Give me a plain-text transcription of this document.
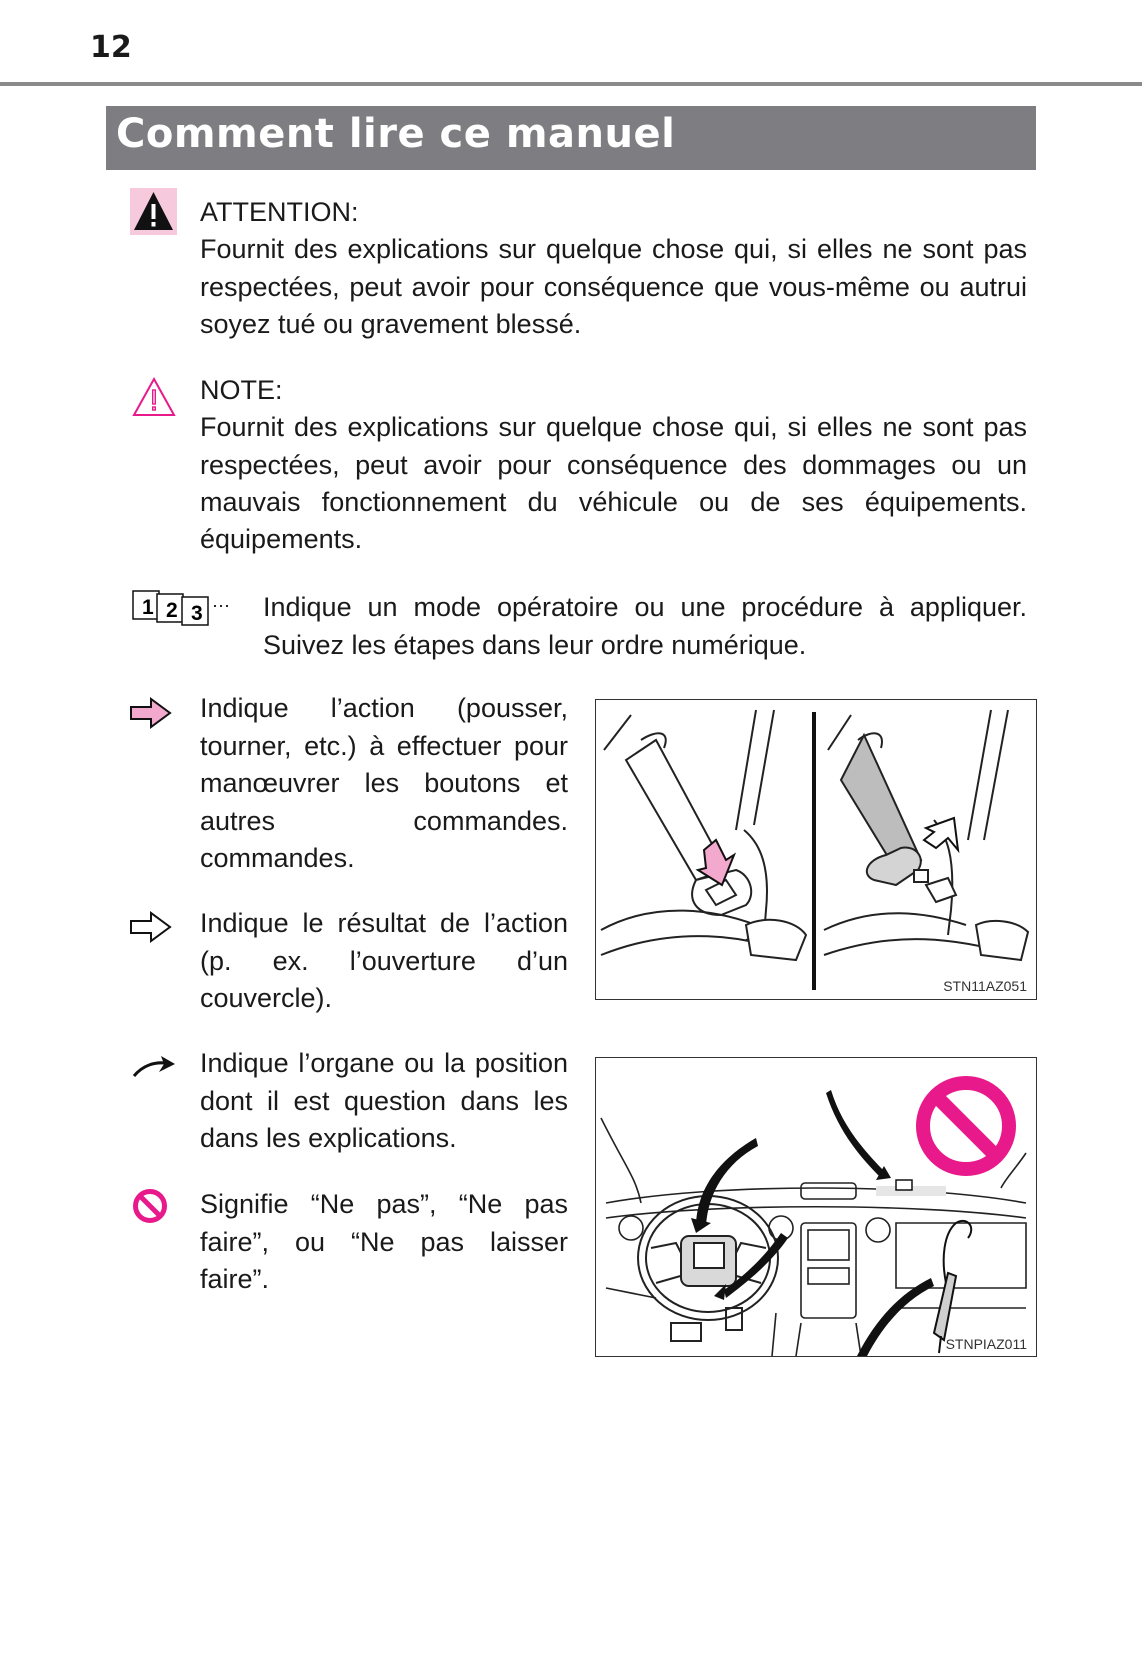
12
Comment lire ce manuel
ATTENTION:
Fournit des explications sur quelque chose qui, si elles ne sont pas respectées, peut avoir pour conséquence que vous-même ou autrui soyez tué ou gravement blessé.
NOTE:
Fournit des explications sur quelque chose qui, si elles ne sont pas respectées, peut avoir pour conséquence des dommages ou un mauvais fonctionnement du véhicule ou de ses équipements.
équipements.
1 2 3 ··· Indique un mode opératoire ou une procédure à appliquer. Suivez les étapes dans leur ordre numérique.
Indique l’action (pousser, tourner, etc.) à effectuer pour manœuvrer les boutons et autres commandes.
commandes.
Indique le résultat de l’action (p. ex. l’ouverture d’un
couvercle).
Indique l’organe ou la position dont il est question dans les
dans les explications.
Signifie “Ne pas”, “Ne pas faire”, ou “Ne pas laisser
faire”.
STN11AZ051
STNPIAZ011
